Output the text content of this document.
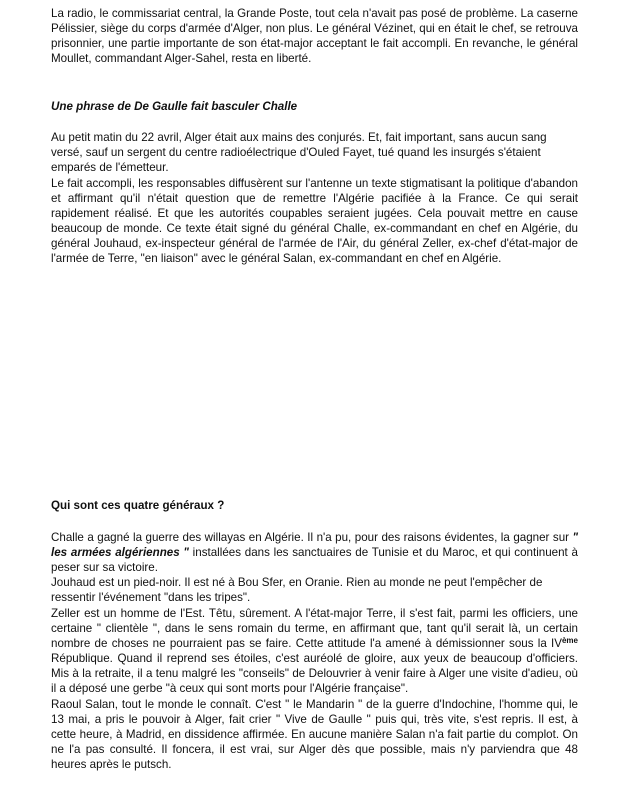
La radio, le commissariat central, la Grande Poste, tout cela n'avait pas posé de problème. La caserne Pélissier, siège du corps d'armée d'Alger, non plus. Le général Vézinet, qui en était le chef, se retrouva prisonnier, une partie importante de son état-major acceptant le fait accompli. En revanche, le général Moullet, commandant Alger-Sahel, resta en liberté.

Une phrase de De Gaulle fait basculer Challe

Au petit matin du 22 avril, Alger était aux mains des conjurés. Et, fait important, sans aucun sang versé, sauf un sergent du centre radioélectrique d'Ouled Fayet, tué quand les insurgés s'étaient emparés de l'émetteur.

Le fait accompli, les responsables diffusèrent sur l'antenne un texte stigmatisant la politique d'abandon et affirmant qu'il n'était question que de remettre l'Algérie pacifiée à la France. Ce qui serait rapidement réalisé. Et que les autorités coupables seraient jugées. Cela pouvait mettre en cause beaucoup de monde. Ce texte était signé du général Challe, ex-commandant en chef en Algérie, du général Jouhaud, ex-inspecteur général de l'armée de l'Air, du général Zeller, ex-chef d'état-major de l'armée de Terre, "en liaison" avec le général Salan, ex-commandant en chef en Algérie.

Qui sont ces quatre généraux ?

Challe a gagné la guerre des willayas en Algérie. Il n'a pu, pour des raisons évidentes, la gagner sur " les armées algériennes " installées dans les sanctuaires de Tunisie et du Maroc, et qui continuent à peser sur sa victoire.

Jouhaud est un pied-noir. Il est né à Bou Sfer, en Oranie. Rien au monde ne peut l'empêcher de ressentir l'événement "dans les tripes".

Zeller est un homme de l'Est. Têtu, sûrement. A l'état-major Terre, il s'est fait, parmi les officiers, une certaine " clientèle ", dans le sens romain du terme, en affirmant que, tant qu'il serait là, un certain nombre de choses ne pourraient pas se faire. Cette attitude l'a amené à démissionner sous la IVème République. Quand il reprend ses étoiles, c'est auréolé de gloire, aux yeux de beaucoup d'officiers. Mis à la retraite, il a tenu malgré les "conseils" de Delouvrier à venir faire à Alger une visite d'adieu, où il a déposé une gerbe "à ceux qui sont morts pour l'Algérie française".

Raoul Salan, tout le monde le connaît. C'est " le Mandarin " de la guerre d'Indochine, l'homme qui, le 13 mai, a pris le pouvoir à Alger, fait crier " Vive de Gaulle " puis qui, très vite, s'est repris. Il est, à cette heure, à Madrid, en dissidence affirmée. En aucune manière Salan n'a fait partie du complot. On ne l'a pas consulté. Il foncera, il est vrai, sur Alger dès que possible, mais n'y parviendra que 48 heures après le putsch.
